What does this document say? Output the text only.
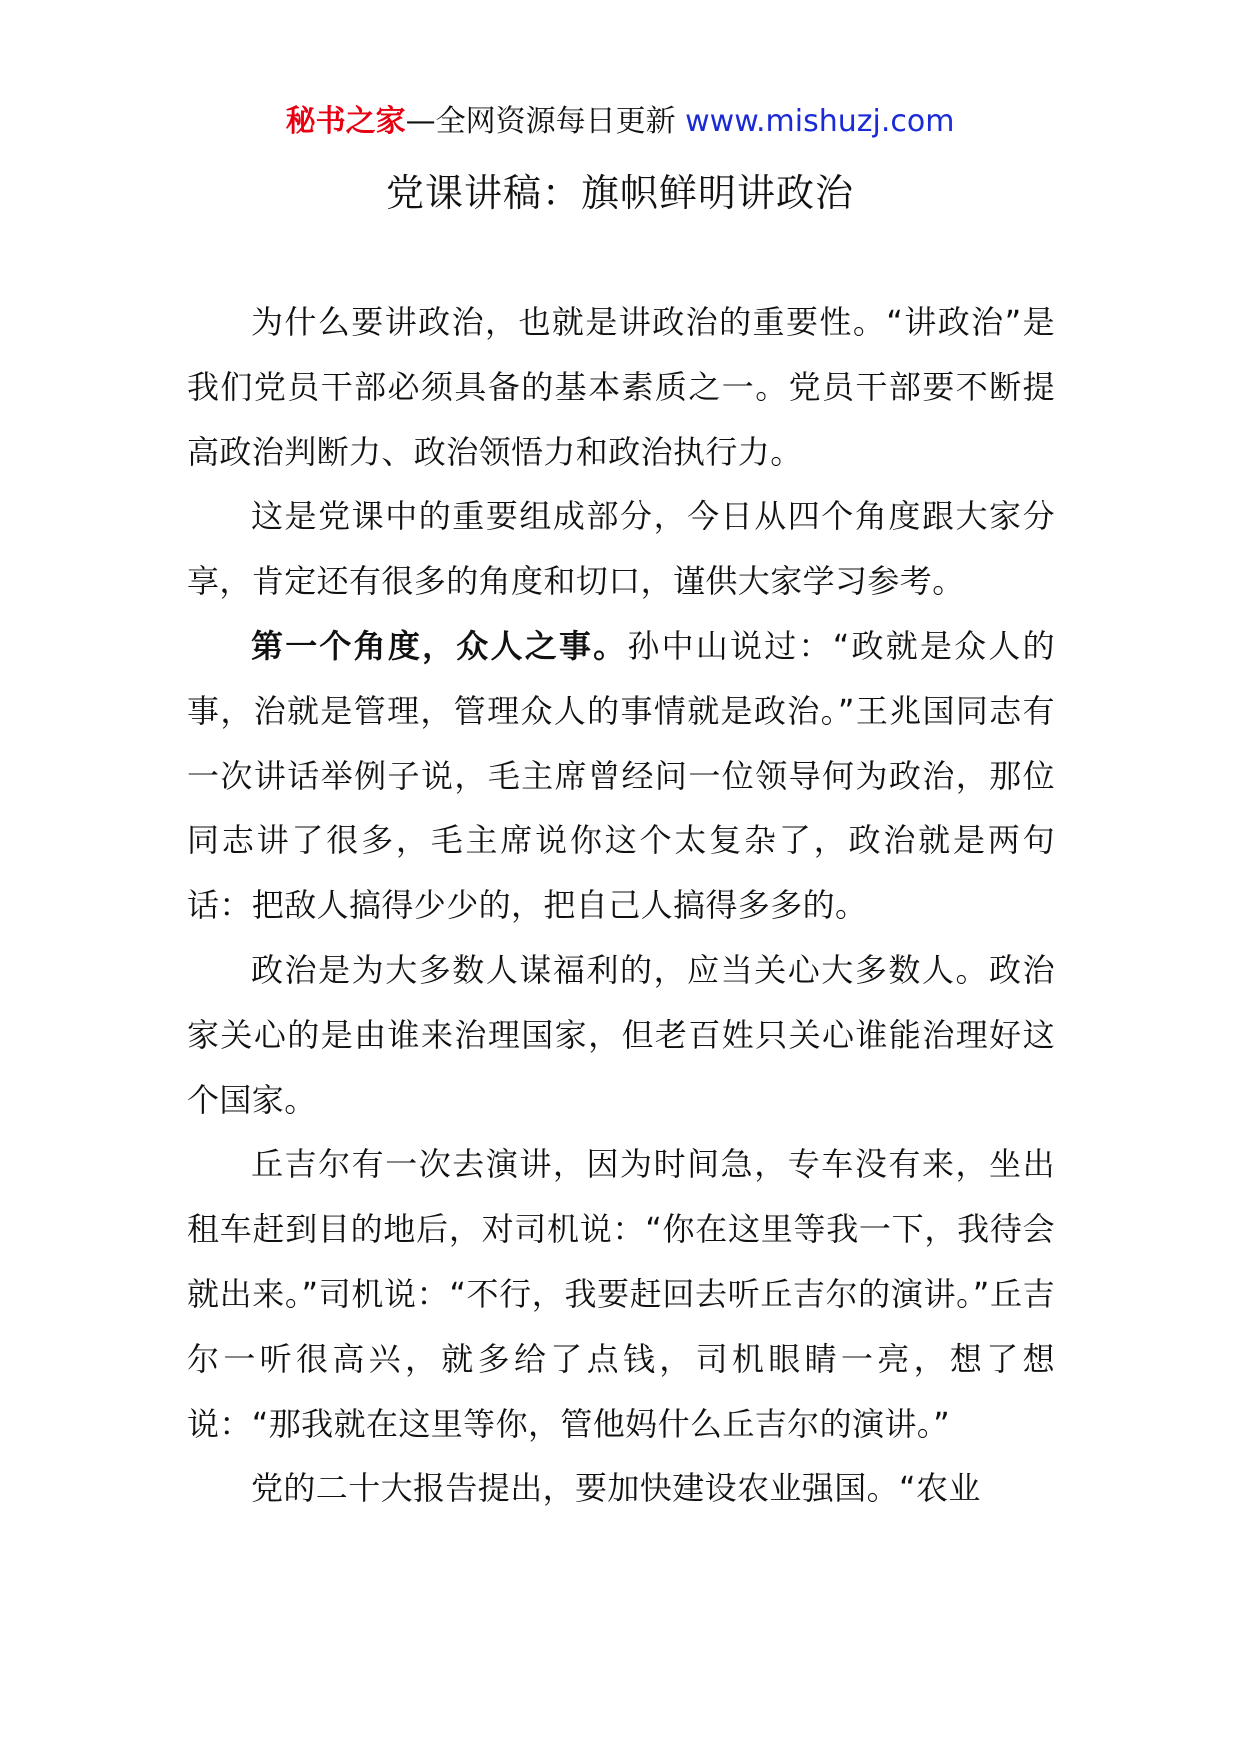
秘书之家—全网资源每日更新 www.mishuzj.com
党课讲稿：旗帜鲜明讲政治

为什么要讲政治，也就是讲政治的重要性。“讲政治”是我们党员干部必须具备的基本素质之一。党员干部要不断提高政治判断力、政治领悟力和政治执行力。

这是党课中的重要组成部分，今日从四个角度跟大家分享，肯定还有很多的角度和切口，谨供大家学习参考。

第一个角度，众人之事。孙中山说过：“政就是众人的事，治就是管理，管理众人的事情就是政治。”王兆国同志有一次讲话举例子说，毛主席曾经问一位领导何为政治，那位同志讲了很多，毛主席说你这个太复杂了，政治就是两句话：把敌人搞得少少的，把自己人搞得多多的。

政治是为大多数人谋福利的，应当关心大多数人。政治家关心的是由谁来治理国家，但老百姓只关心谁能治理好这个国家。

丘吉尔有一次去演讲，因为时间急，专车没有来，坐出租车赶到目的地后，对司机说：“你在这里等我一下，我待会就出来。”司机说：“不行，我要赶回去听丘吉尔的演讲。”丘吉尔一听很高兴，就多给了点钱，司机眼睛一亮，想了想说：“那我就在这里等你，管他妈什么丘吉尔的演讲。”

党的二十大报告提出，要加快建设农业强国。“农业
